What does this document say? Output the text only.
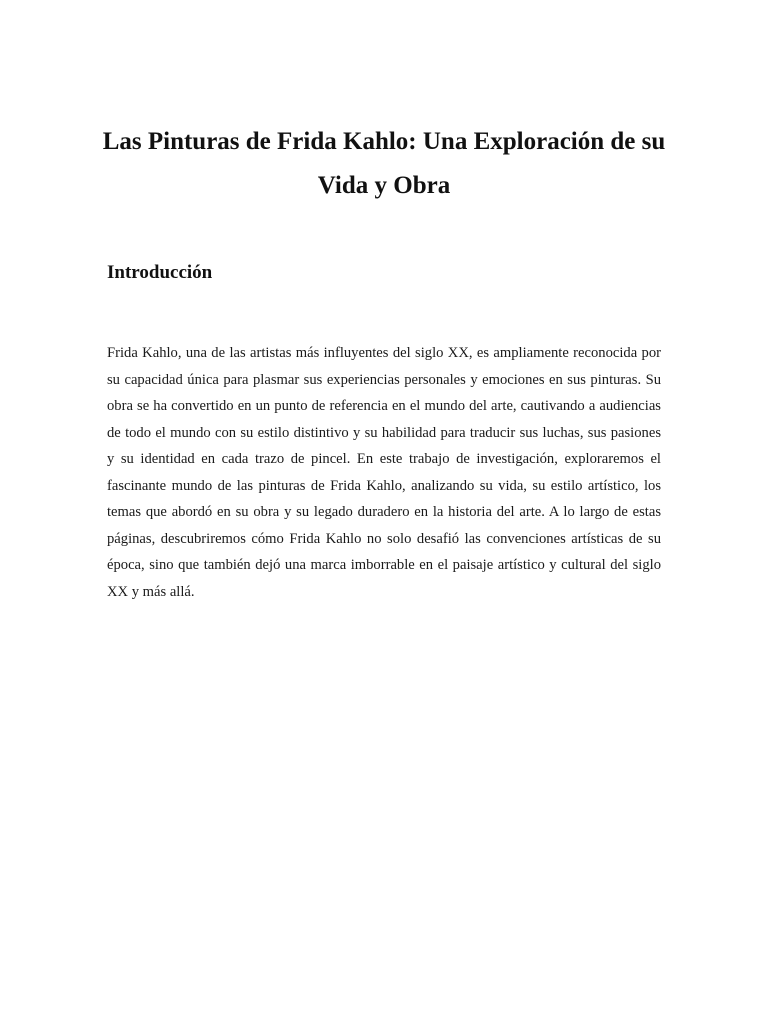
Las Pinturas de Frida Kahlo: Una Exploración de su Vida y Obra
Introducción

Frida Kahlo, una de las artistas más influyentes del siglo XX, es ampliamente reconocida por su capacidad única para plasmar sus experiencias personales y emociones en sus pinturas. Su obra se ha convertido en un punto de referencia en el mundo del arte, cautivando a audiencias de todo el mundo con su estilo distintivo y su habilidad para traducir sus luchas, sus pasiones y su identidad en cada trazo de pincel. En este trabajo de investigación, exploraremos el fascinante mundo de las pinturas de Frida Kahlo, analizando su vida, su estilo artístico, los temas que abordó en su obra y su legado duradero en la historia del arte. A lo largo de estas páginas, descubriremos cómo Frida Kahlo no solo desafió las convenciones artísticas de su época, sino que también dejó una marca imborrable en el paisaje artístico y cultural del siglo XX y más allá.
